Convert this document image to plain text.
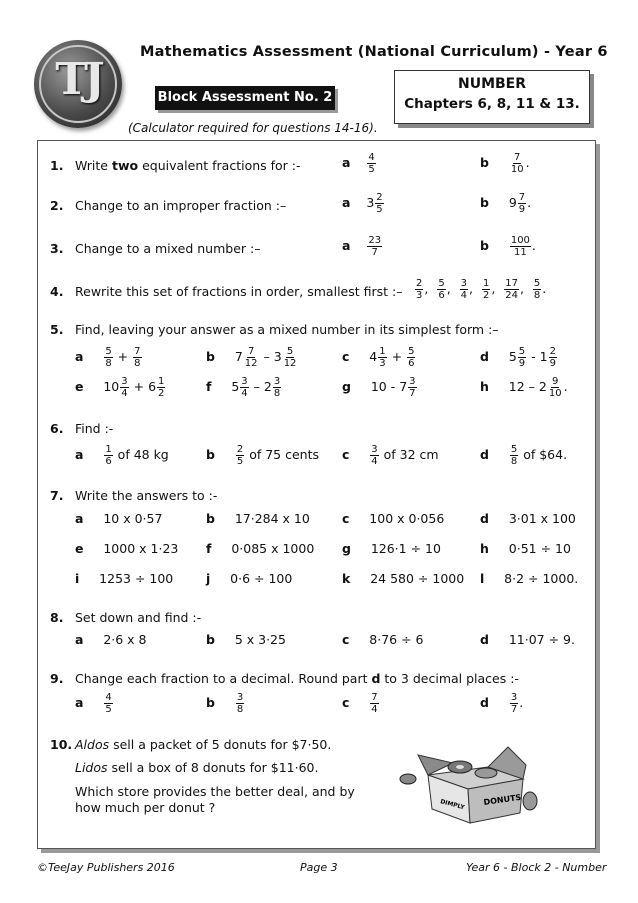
TJ
Mathematics Assessment (National Curriculum) - Year 6
Block Assessment No. 2
NUMBER
Chapters 6, 8, 11 & 13.
(Calculator required for questions 14-16).
1. Write two equivalent fractions for :-	a $\frac{4}{5}$	b $\frac{7}{10}$ .
2. Change to an improper fraction :–	a $3 \frac{2}{5}$	b $9 \frac{7}{9}$ .
3. Change to a mixed number :–	a $\frac{23}{7}$	b $\frac{100}{11}$ .
4. Rewrite this set of fractions in order, smallest first :– $\frac{2}{3}$ , $\frac{5}{6}$ , $\frac{3}{4}$ , $\frac{1}{2}$ , $\frac{17}{24}$ , $\frac{5}{8}$ .
5. Find, leaving your answer as a mixed number in its simplest form :–
a $\frac{5}{8} + \frac{7}{8}$	b $7 \frac{7}{12} - 3 \frac{5}{12}$	c $4 \frac{1}{3} + \frac{5}{6}$	d $5 \frac{5}{9} - 1 \frac{2}{9}$
e $10 \frac{3}{4} + 6 \frac{1}{2}$	f $5 \frac{3}{4} - 2 \frac{3}{8}$	g $10 - 7 \frac{3}{7}$	h $12 - 2 \frac{9}{10}$ .
6. Find :-
a $\frac{1}{6}$ of 48 kg	b $\frac{2}{5}$ of 75 cents c $\frac{3}{4}$ of 32 cm	d $\frac{5}{8}$ of $64.
7. Write the answers to :-
a 10 x 0·57	b 17·284 x 10	c 100 x 0·056	d 3·01 x 100
e 1000 x 1·23 f 0·085 x 1000 g 126·1 ÷ 10	h 0·51 ÷ 10
i 1253 ÷ 100	j 0·6 ÷ 100	k 24 580 ÷ 1000 l 8·2 ÷ 1000.
8. Set down and find :-
a 2·6 x 8	b 5 x 3·25	c 8·76 ÷ 6	d 11·07 ÷ 9.
9. Change each fraction to a decimal. Round part d to 3 decimal places :-
a $\frac{4}{5}$	b $\frac{3}{8}$	c $\frac{7}{4}$	d $\frac{3}{7}$ .
10. Aldos sell a packet of 5 donuts for $7·50.
Lidos sell a box of 8 donuts for $11·60.
Which store provides the better deal, and by
how much per donut ?	DIMPLY DONUTS
©TeeJay Publishers 2016	Page 3	Year 6 - Block 2 - Number
